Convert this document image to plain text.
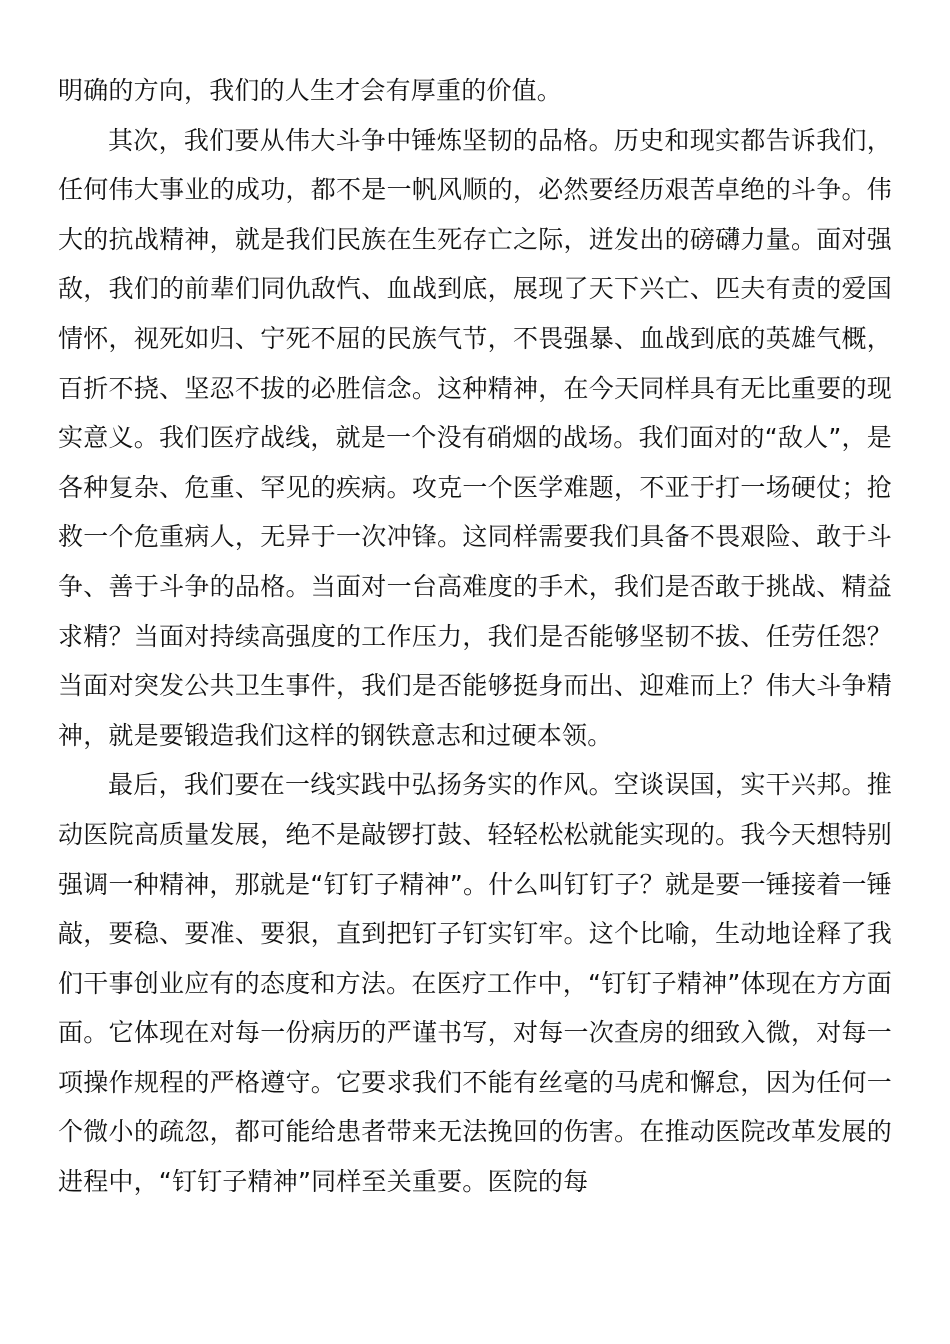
明确的方向，我们的人生才会有厚重的价值。

其次，我们要从伟大斗争中锤炼坚韧的品格。历史和现实都告诉我们，任何伟大事业的成功，都不是一帆风顺的，必然要经历艰苦卓绝的斗争。伟大的抗战精神，就是我们民族在生死存亡之际，迸发出的磅礴力量。面对强敌，我们的前辈们同仇敌忾、血战到底，展现了天下兴亡、匹夫有责的爱国情怀，视死如归、宁死不屈的民族气节，不畏强暴、血战到底的英雄气概，百折不挠、坚忍不拔的必胜信念。这种精神，在今天同样具有无比重要的现实意义。我们医疗战线，就是一个没有硝烟的战场。我们面对的“敌人”，是各种复杂、危重、罕见的疾病。攻克一个医学难题，不亚于打一场硬仗；抢救一个危重病人，无异于一次冲锋。这同样需要我们具备不畏艰险、敢于斗争、善于斗争的品格。当面对一台高难度的手术，我们是否敢于挑战、精益求精？当面对持续高强度的工作压力，我们是否能够坚韧不拔、任劳任怨？当面对突发公共卫生事件，我们是否能够挺身而出、迎难而上？伟大斗争精神，就是要锻造我们这样的钢铁意志和过硬本领。

最后，我们要在一线实践中弘扬务实的作风。空谈误国，实干兴邦。推动医院高质量发展，绝不是敲锣打鼓、轻轻松松就能实现的。我今天想特别强调一种精神，那就是“钉钉子精神”。什么叫钉钉子？就是要一锤接着一锤敲，要稳、要准、要狠，直到把钉子钉实钉牢。这个比喻，生动地诠释了我们干事创业应有的态度和方法。在医疗工作中，“钉钉子精神”体现在方方面面。它体现在对每一份病历的严谨书写，对每一次查房的细致入微，对每一项操作规程的严格遵守。它要求我们不能有丝毫的马虎和懈怠，因为任何一个微小的疏忽，都可能给患者带来无法挽回的伤害。在推动医院改革发展的进程中，“钉钉子精神”同样至关重要。医院的每
